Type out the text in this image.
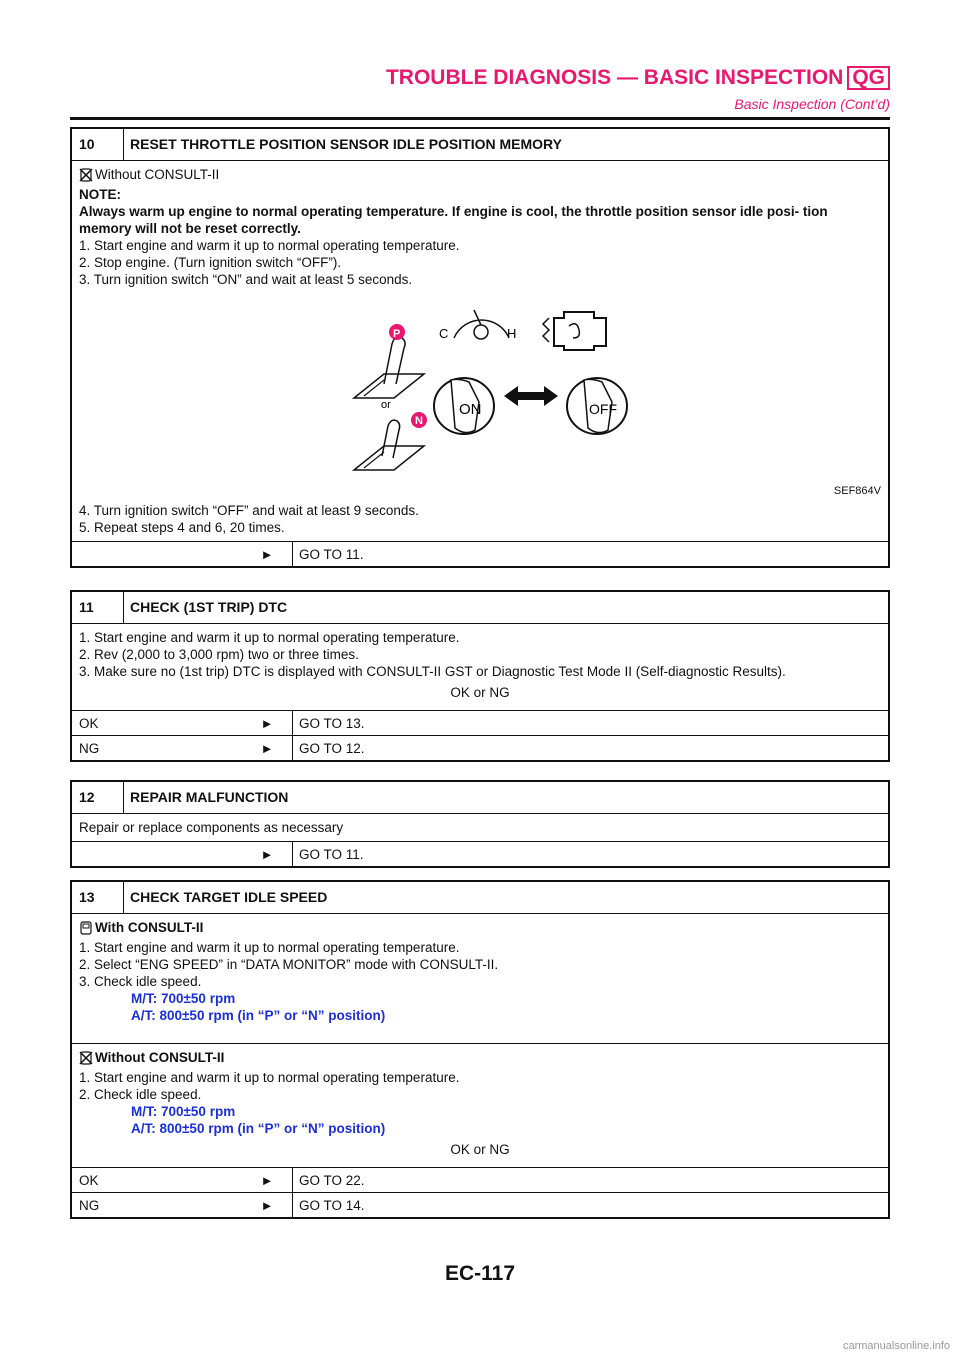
TROUBLE DIAGNOSIS — BASIC INSPECTION QG
Basic Inspection (Cont’d)
10	RESET THROTTLE POSITION SENSOR IDLE POSITION MEMORY
Without CONSULT-II
NOTE:
Always warm up engine to normal operating temperature. If engine is cool, the throttle position sensor idle posi- tion memory will not be reset correctly.
1. Start engine and warm it up to normal operating temperature.
2. Stop engine. (Turn ignition switch “OFF”).
3. Turn ignition switch “ON” and wait at least 5 seconds.
C	H
P
or
N
ON	OFF
SEF864V
4. Turn ignition switch “OFF” and wait at least 9 seconds.
5. Repeat steps 4 and 6, 20 times.
►	GO TO 11.
11	CHECK (1ST TRIP) DTC
1. Start engine and warm it up to normal operating temperature.
2. Rev (2,000 to 3,000 rpm) two or three times.
3. Make sure no (1st trip) DTC is displayed with CONSULT-II GST or Diagnostic Test Mode II (Self-diagnostic Results).
OK or NG
OK	►	GO TO 13.
NG	►	GO TO 12.
12	REPAIR MALFUNCTION
Repair or replace components as necessary
►	GO TO 11.
13	CHECK TARGET IDLE SPEED
With CONSULT-II
1. Start engine and warm it up to normal operating temperature.
2. Select “ENG SPEED” in “DATA MONITOR” mode with CONSULT-II.
3. Check idle speed.
M/T: 700±50 rpm
A/T: 800±50 rpm (in “P” or “N” position)
Without CONSULT-II
1. Start engine and warm it up to normal operating temperature.
2. Check idle speed.
M/T: 700±50 rpm
A/T: 800±50 rpm (in “P” or “N” position)
OK or NG
OK	►	GO TO 22.
NG	►	GO TO 14.
EC-117
carmanualsonline.info
